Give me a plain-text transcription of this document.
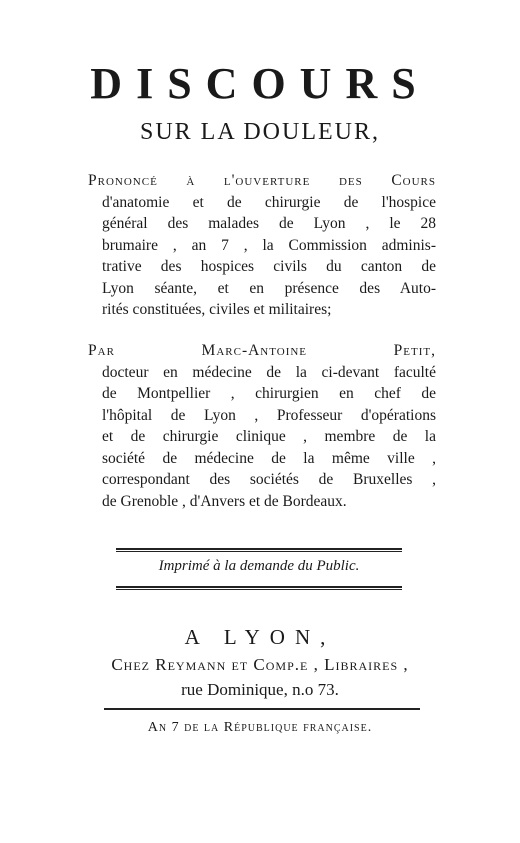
DISCOURS
SUR LA DOULEUR,
Prononcé à l'ouverture des Cours
d'anatomie et de chirurgie de l'hospice
général des malades de Lyon , le 28
brumaire , an 7 , la Commission adminis-
trative des hospices civils du canton de
Lyon séante, et en présence des Auto-
rités constituées, civiles et militaires;
Par Marc-Antoine Petit,
docteur en médecine de la ci-devant faculté
de Montpellier , chirurgien en chef de
l'hôpital de Lyon , Professeur d'opérations
et de chirurgie clinique , membre de la
société de médecine de la même ville ,
correspondant des sociétés de Bruxelles ,
de Grenoble , d'Anvers et de Bordeaux.
Imprimé à la demande du Public.
A LYON,
Chez Reymann et Comp.e , Libraires ,
rue Dominique, n.o 73.
An 7 de la République française.
